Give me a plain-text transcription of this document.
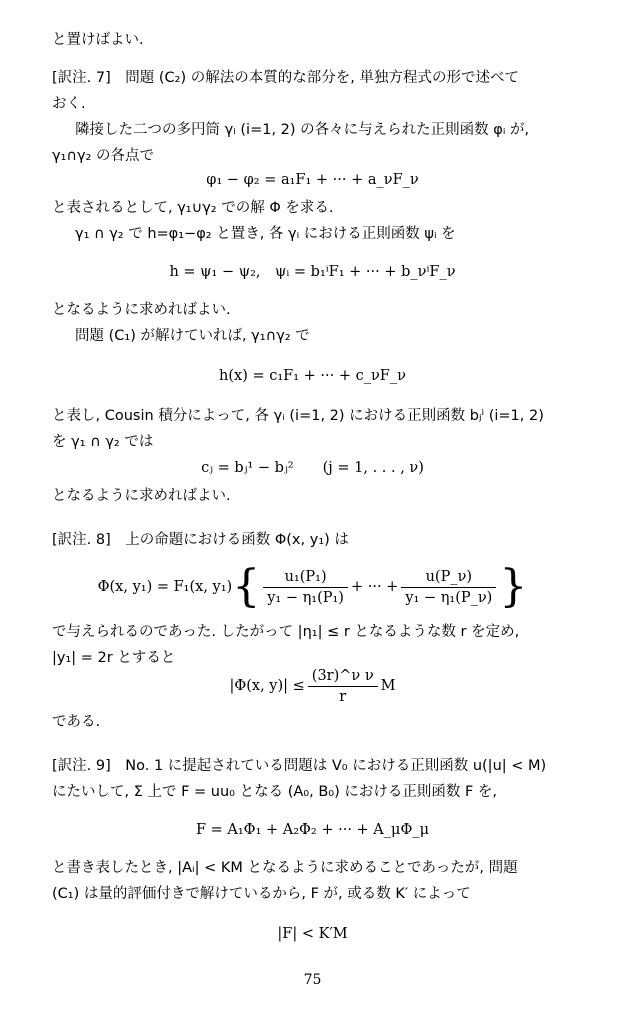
と置けばよい.
[訳注. 7]　問題 (C₂) の解法の本質的な部分を, 単独方程式の形で述べて
おく.
隣接した二つの多円筒 γᵢ (i=1, 2) の各々に与えられた正則函数 φᵢ が,
γ₁∩γ₂ の各点で
φ₁ − φ₂ = a₁F₁ + ··· + a_νF_ν
と表されるとして, γ₁∪γ₂ での解 Φ を求る.
γ₁ ∩ γ₂ で h=φ₁−φ₂ と置き, 各 γᵢ における正則函数 ψᵢ を
h = ψ₁ − ψ₂,　ψᵢ = b₁ⁱF₁ + ··· + b_νⁱF_ν
となるように求めればよい.
問題 (C₁) が解けていれば, γ₁∩γ₂ で
h(x) = c₁F₁ + ··· + c_νF_ν
と表し, Cousin 積分によって, 各 γᵢ (i=1, 2) における正則函数 bⱼⁱ (i=1, 2)
を γ₁ ∩ γ₂ では
cⱼ = bⱼ¹ − bⱼ²　　(j = 1, . . . , ν)
となるように求めればよい.
[訳注. 8]　上の命題における函数 Φ(x, y₁) は
Φ(x, y₁) = F₁(x, y₁) { $\frac{\text{u₁(P₁)}}{\text{y₁ − η₁(P₁)}}$ + ··· + $\frac{u(P\_\nu)}{\text{y₁ − η₁(P\_ν)}}$ }
で与えられるのであった. したがって |η₁| ≤ r となるような数 r を定め,
|y₁| = 2r とすると
|Φ(x, $y)| \le \frac{\text{(3r)\textasciicircum{}ν ν}}{r}$ M
である.
[訳注. 9]　No. 1 に提起されている問題は V₀ における正則函数 u(|u| < M)
にたいして, Σ 上で F = uu₀ となる (A₀, B₀) における正則函数 F を,
F = A₁Φ₁ + A₂Φ₂ + ··· + A_μΦ_μ
と書き表したとき, |Aᵢ| < KM となるように求めることであったが, 問題
(C₁) は量的評価付きで解けているから, F が, 或る数 K′ によって
|F| < K′M
75
